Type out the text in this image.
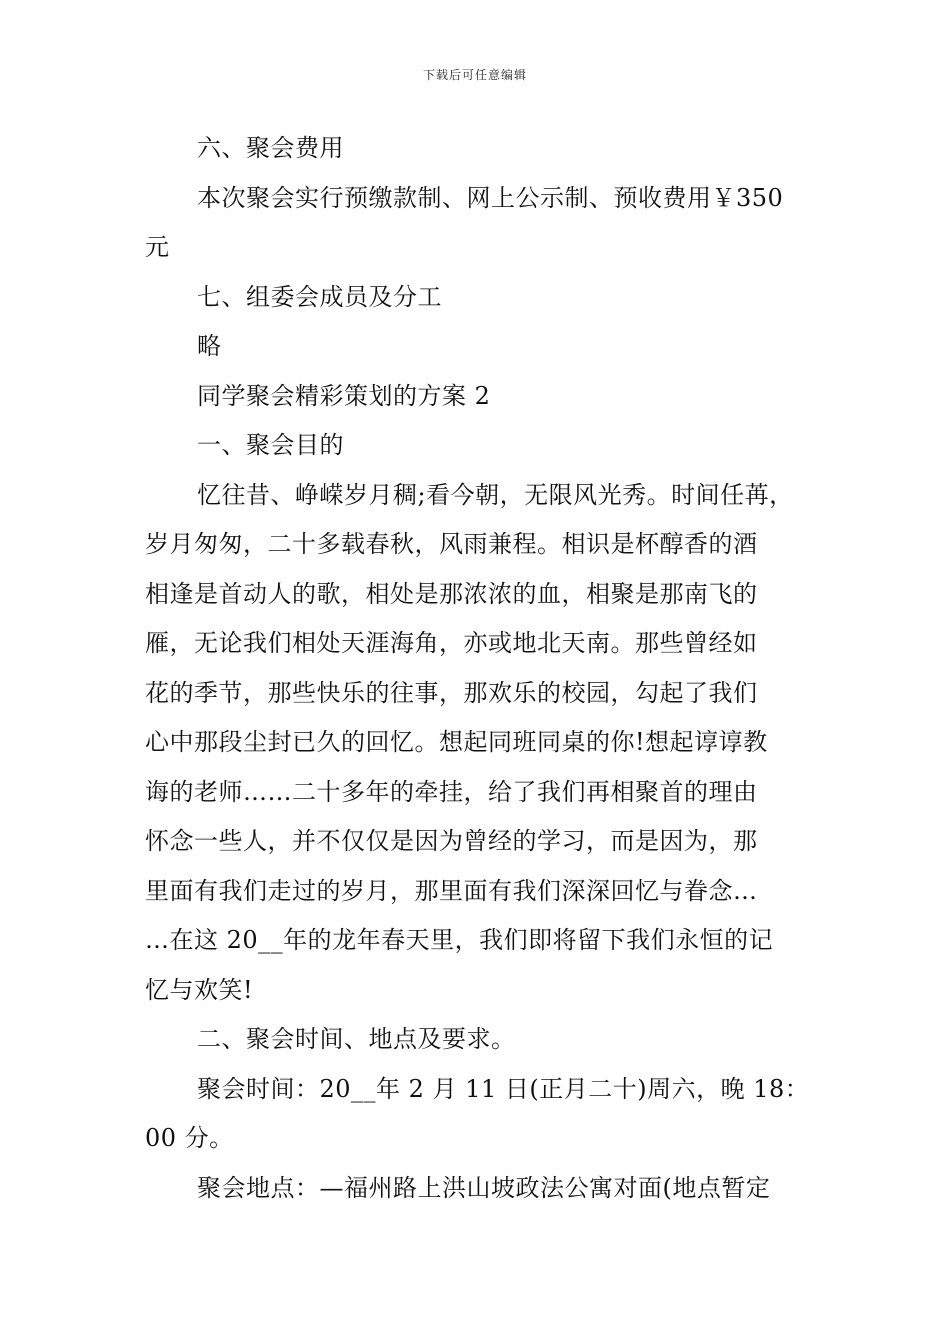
下载后可任意编辑
六、聚会费用
本次聚会实行预缴款制、网上公示制、预收费用￥350
元
七、组委会成员及分工
略
同学聚会精彩策划的方案 2
一、聚会目的
忆往昔、峥嵘岁月稠;看今朝，无限风光秀。时间任苒，
岁月匆匆，二十多载春秋，风雨兼程。相识是杯醇香的酒
相逢是首动人的歌，相处是那浓浓的血，相聚是那南飞的
雁，无论我们相处天涯海角，亦或地北天南。那些曾经如
花的季节，那些快乐的往事，那欢乐的校园，勾起了我们
心中那段尘封已久的回忆。想起同班同桌的你!想起谆谆教
诲的老师……二十多年的牵挂，给了我们再相聚首的理由
怀念一些人，并不仅仅是因为曾经的学习，而是因为，那
里面有我们走过的岁月，那里面有我们深深回忆与眷念…
…在这 20__年的龙年春天里，我们即将留下我们永恒的记
忆与欢笑!
二、聚会时间、地点及要求。
聚会时间：20__年 2 月 11 日(正月二十)周六，晚 18：
00 分。
聚会地点：—福州路上洪山坡政法公寓对面(地点暂定
